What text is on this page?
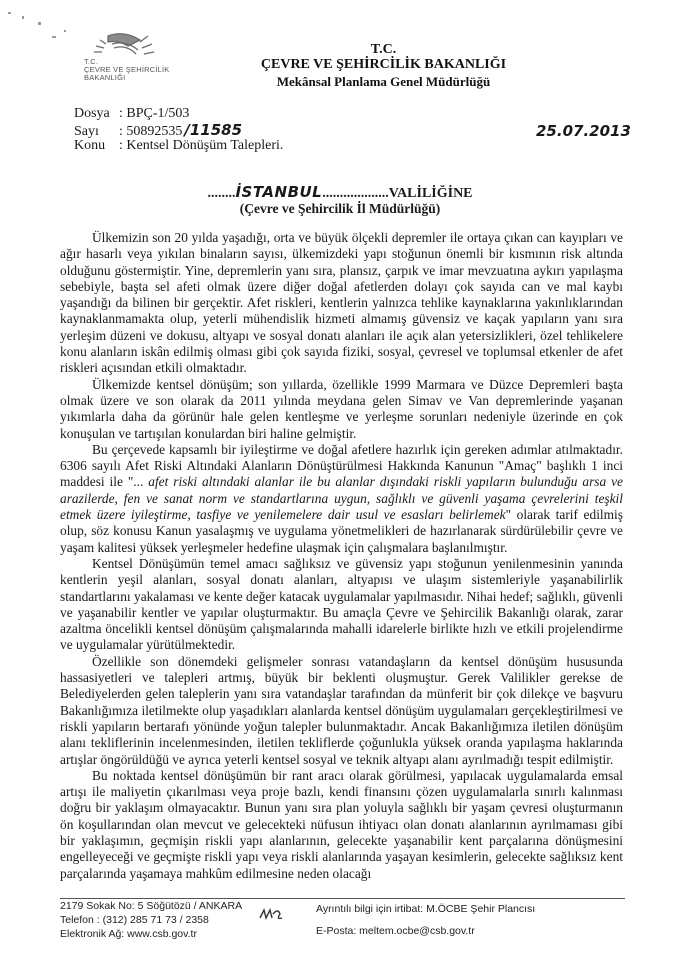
T.C.
ÇEVRE VE ŞEHİRCİLİK
BAKANLIĞI
T.C.
ÇEVRE VE ŞEHİRCİLİK BAKANLIĞI
Mekânsal Planlama Genel Müdürlüğü
Dosya : BPÇ-1/503
Sayı : 50892535 /11585
Konu : Kentsel Dönüşüm Talepleri.
25.07.2013
........İSTANBUL...................VALİLİĞİNE
(Çevre ve Şehircilik İl Müdürlüğü)

Ülkemizin son 20 yılda yaşadığı, orta ve büyük ölçekli depremler ile ortaya çıkan can kayıpları ve ağır hasarlı veya yıkılan binaların sayısı, ülkemizdeki yapı stoğunun önemli bir kısmının risk altında olduğunu göstermiştir. Yine, depremlerin yanı sıra, plansız, çarpık ve imar mevzuatına aykırı yapılaşma sebebiyle, başta sel afeti olmak üzere diğer doğal afetlerden dolayı çok sayıda can ve mal kaybı yaşandığı da bilinen bir gerçektir. Afet riskleri, kentlerin yalnızca tehlike kaynaklarına yakınlıklarından kaynaklanmamakta olup, yeterli mühendislik hizmeti almamış güvensiz ve kaçak yapıların yanı sıra yerleşim düzeni ve dokusu, altyapı ve sosyal donatı alanları ile açık alan yetersizlikleri, özel tehlikelere konu alanların iskân edilmiş olması gibi çok sayıda fiziki, sosyal, çevresel ve toplumsal etkenler de afet riskleri açısından etkili olmaktadır.

Ülkemizde kentsel dönüşüm; son yıllarda, özellikle 1999 Marmara ve Düzce Depremleri başta olmak üzere ve son olarak da 2011 yılında meydana gelen Simav ve Van depremlerinde yaşanan yıkımlarla daha da görünür hale gelen kentleşme ve yerleşme sorunları nedeniyle üzerinde en çok konuşulan ve tartışılan konulardan biri haline gelmiştir.

Bu çerçevede kapsamlı bir iyileştirme ve doğal afetlere hazırlık için gereken adımlar atılmaktadır. 6306 sayılı Afet Riski Altındaki Alanların Dönüştürülmesi Hakkında Kanunun "Amaç" başlıklı 1 inci maddesi ile "... afet riski altındaki alanlar ile bu alanlar dışındaki riskli yapıların bulunduğu arsa ve arazilerde, fen ve sanat norm ve standartlarına uygun, sağlıklı ve güvenli yaşama çevrelerini teşkil etmek üzere iyileştirme, tasfiye ve yenilemelere dair usul ve esasları belirlemek" olarak tarif edilmiş olup, söz konusu Kanun yasalaşmış ve uygulama yönetmelikleri de hazırlanarak sürdürülebilir çevre ve yaşam kalitesi yüksek yerleşmeler hedefine ulaşmak için çalışmalara başlanılmıştır.

Kentsel Dönüşümün temel amacı sağlıksız ve güvensiz yapı stoğunun yenilenmesinin yanında kentlerin yeşil alanları, sosyal donatı alanları, altyapısı ve ulaşım sistemleriyle yaşanabilirlik standartlarını yakalaması ve kente değer katacak uygulamalar yapılmasıdır. Nihai hedef; sağlıklı, güvenli ve yaşanabilir kentler ve yapılar oluşturmaktır. Bu amaçla Çevre ve Şehircilik Bakanlığı olarak, zarar azaltma öncelikli kentsel dönüşüm çalışmalarında mahalli idarelerle birlikte hızlı ve etkili projelendirme ve uygulamalar yürütülmektedir.

Özellikle son dönemdeki gelişmeler sonrası vatandaşların da kentsel dönüşüm hususunda hassasiyetleri ve talepleri artmış, büyük bir beklenti oluşmuştur. Gerek Valilikler gerekse de Belediyelerden gelen taleplerin yanı sıra vatandaşlar tarafından da münferit bir çok dilekçe ve başvuru Bakanlığımıza iletilmekte olup yaşadıkları alanlarda kentsel dönüşüm uygulamaları gerçekleştirilmesi ve riskli yapıların bertarafı yönünde yoğun talepler bulunmaktadır. Ancak Bakanlığımıza iletilen dönüşüm alanı tekliflerinin incelenmesinden, iletilen tekliflerde çoğunlukla yüksek oranda yapılaşma haklarında artışlar öngörüldüğü ve ayrıca yeterli kentsel sosyal ve teknik altyapı alanı ayrılmadığı tespit edilmiştir.

Bu noktada kentsel dönüşümün bir rant aracı olarak görülmesi, yapılacak uygulamalarda emsal artışı ile maliyetin çıkarılması veya proje bazlı, kendi finansını çözen uygulamalarla sınırlı kalınması doğru bir yaklaşım olmayacaktır. Bunun yanı sıra plan yoluyla sağlıklı bir yaşam çevresi oluşturmanın ön koşullarından olan mevcut ve gelecekteki nüfusun ihtiyacı olan donatı alanlarının ayrılmaması gibi bir yaklaşımın, geçmişin riskli yapı alanlarının, gelecekte yaşanabilir kent parçalarına dönüşmesini engelleyeceği ve geçmişte riskli yapı veya riskli alanlarında yaşayan kesimlerin, gelecekte sağlıksız kent parçalarında yaşamaya mahkûm edilmesine neden olacağı

2179 Sokak No: 5 Söğütözü / ANKARA
Telefon : (312) 285 71 73 / 2358
Elektronik Ağ: www.csb.gov.tr
Ayrıntılı bilgi için irtibat: M.ÖCBE Şehir Plancısı
E-Posta: meltem.ocbe@csb.gov.tr
